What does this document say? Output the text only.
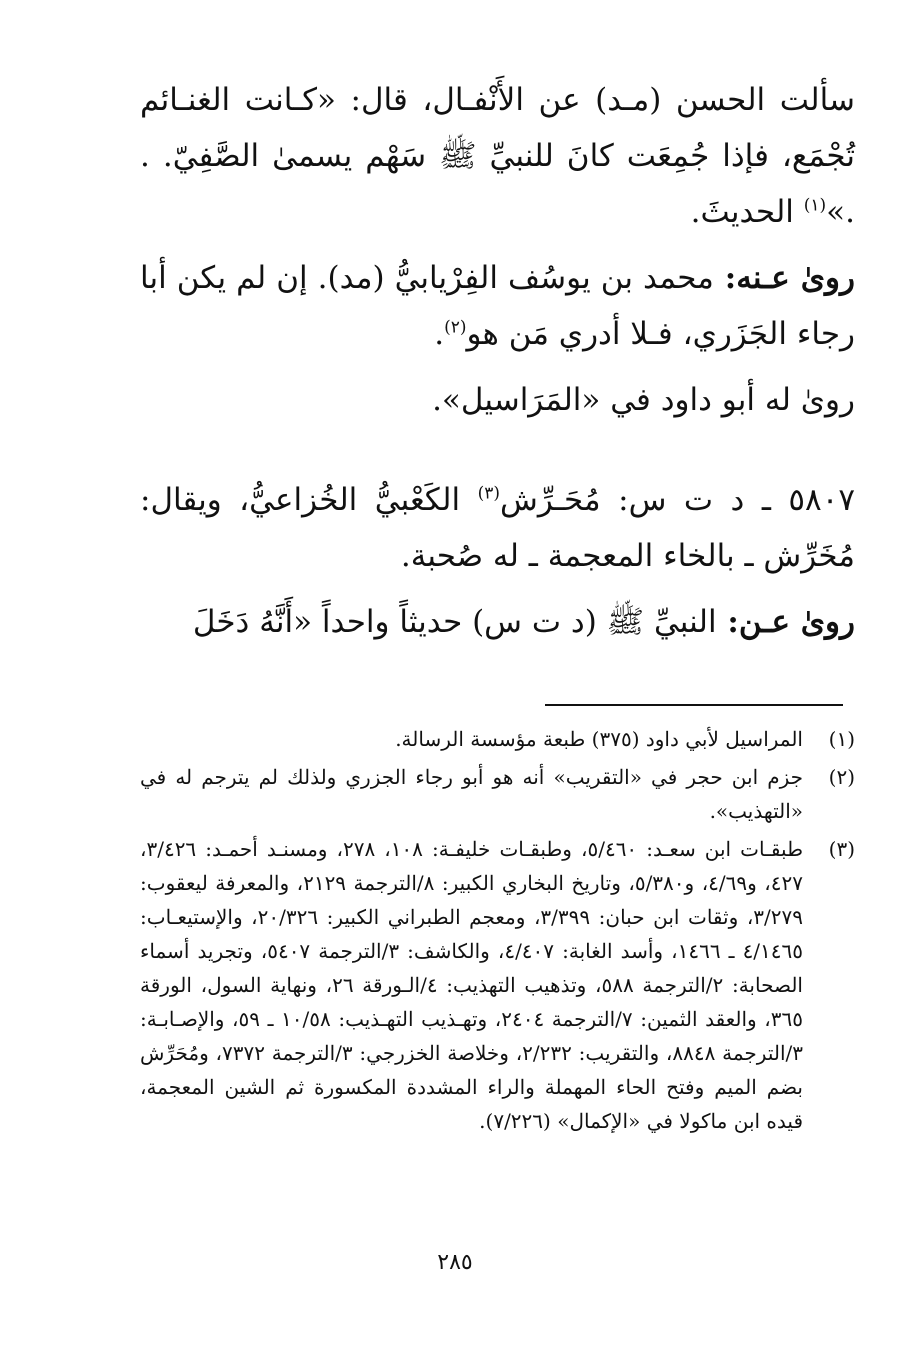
سألت الحسن (مـد) عن الأَنْفـال، قال: «كـانت الغنـائم تُجْمَع، فإذا جُمِعَت كانَ للنبيِّ ﷺ سَهْم يسمىٰ الصَّفِيّ. . .»$^{(١)}$ الحديثَ.

روىٰ عـنه: محمد بن يوسُف الفِرْيابيُّ (مد). إن لم يكن أبا رجاء الجَزَري، فـلا أدري مَن هو$^{(٢)}$.

روىٰ له أبو داود في «المَرَاسيل».

٥٨٠٧ ـ د ت س: مُحَـرِّش$^{(٣)}$ الكَعْبيُّ الخُزاعيُّ، ويقال: مُخَرِّش ـ بالخاء المعجمة ـ له صُحبة.

روىٰ عـن: النبيِّ ﷺ (د ت س) حديثاً واحداً «أَنَّهُ دَخَلَ

(١)
المراسيل لأبي داود (٣٧٥) طبعة مؤسسة الرسالة.
(٢)
جزم ابن حجر في «التقريب» أنه هو أبو رجاء الجزري ولذلك لم يترجم له في «التهذيب».
(٣)
طبقـات ابن سعـد: ٥/٤٦٠، وطبقـات خليفـة: ١٠٨، ٢٧٨، ومسنـد أحمـد: ٣/٤٢٦، ٤٢٧، و٤/٦٩، و٥/٣٨٠، وتاريخ البخاري الكبير: ٨/الترجمة ٢١٢٩، والمعرفة ليعقوب: ٣/٢٧٩، وثقات ابن حبان: ٣/٣٩٩، ومعجم الطبراني الكبير: ٢٠/٣٢٦، والإستيعـاب: ٤/١٤٦٥ ـ ١٤٦٦، وأسد الغابة: ٤/٤٠٧، والكاشف: ٣/الترجمة ٥٤٠٧، وتجريد أسماء الصحابة: ٢/الترجمة ٥٨٨، وتذهيب التهذيب: ٤/الـورقة ٢٦، ونهاية السول، الورقة ٣٦٥، والعقد الثمين: ٧/الترجمة ٢٤٠٤، وتهـذيب التهـذيب: ١٠/٥٨ ـ ٥٩، والإصـابـة: ٣/الترجمة ٨٨٤٨، والتقريب: ٢/٢٣٢، وخلاصة الخزرجي: ٣/الترجمة ٧٣٧٢، ومُحَرِّش بضم الميم وفتح الحاء المهملة والراء المشددة المكسورة ثم الشين المعجمة، قيده ابن ماكولا في «الإكمال» (٧/٢٢٦).
٢٨٥
